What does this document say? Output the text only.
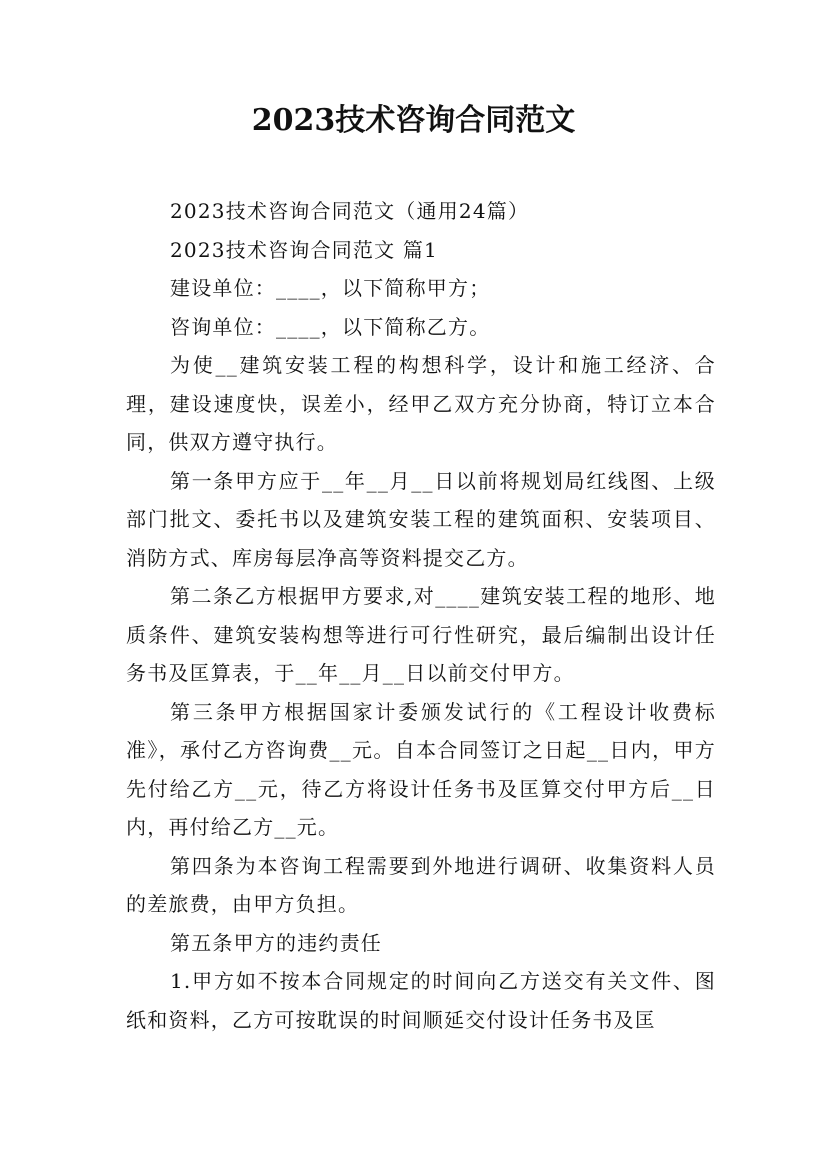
2023技术咨询合同范文

2023技术咨询合同范文（通用24篇）

2023技术咨询合同范文 篇1

建设单位：____，以下简称甲方；

咨询单位：____，以下简称乙方。

为使__建筑安装工程的构想科学，设计和施工经济、合理，建设速度快，误差小，经甲乙双方充分协商，特订立本合同，供双方遵守执行。

第一条甲方应于__年__月__日以前将规划局红线图、上级部门批文、委托书以及建筑安装工程的建筑面积、安装项目、消防方式、库房每层净高等资料提交乙方。

第二条乙方根据甲方要求,对____建筑安装工程的地形、地质条件、建筑安装构想等进行可行性研究，最后编制出设计任务书及匡算表，于__年__月__日以前交付甲方。

第三条甲方根据国家计委颁发试行的《工程设计收费标准》，承付乙方咨询费__元。自本合同签订之日起__日内，甲方先付给乙方__元，待乙方将设计任务书及匡算交付甲方后__日内，再付给乙方__元。

第四条为本咨询工程需要到外地进行调研、收集资料人员的差旅费，由甲方负担。

第五条甲方的违约责任

1.甲方如不按本合同规定的时间向乙方送交有关文件、图纸和资料，乙方可按耽误的时间顺延交付设计任务书及匡
